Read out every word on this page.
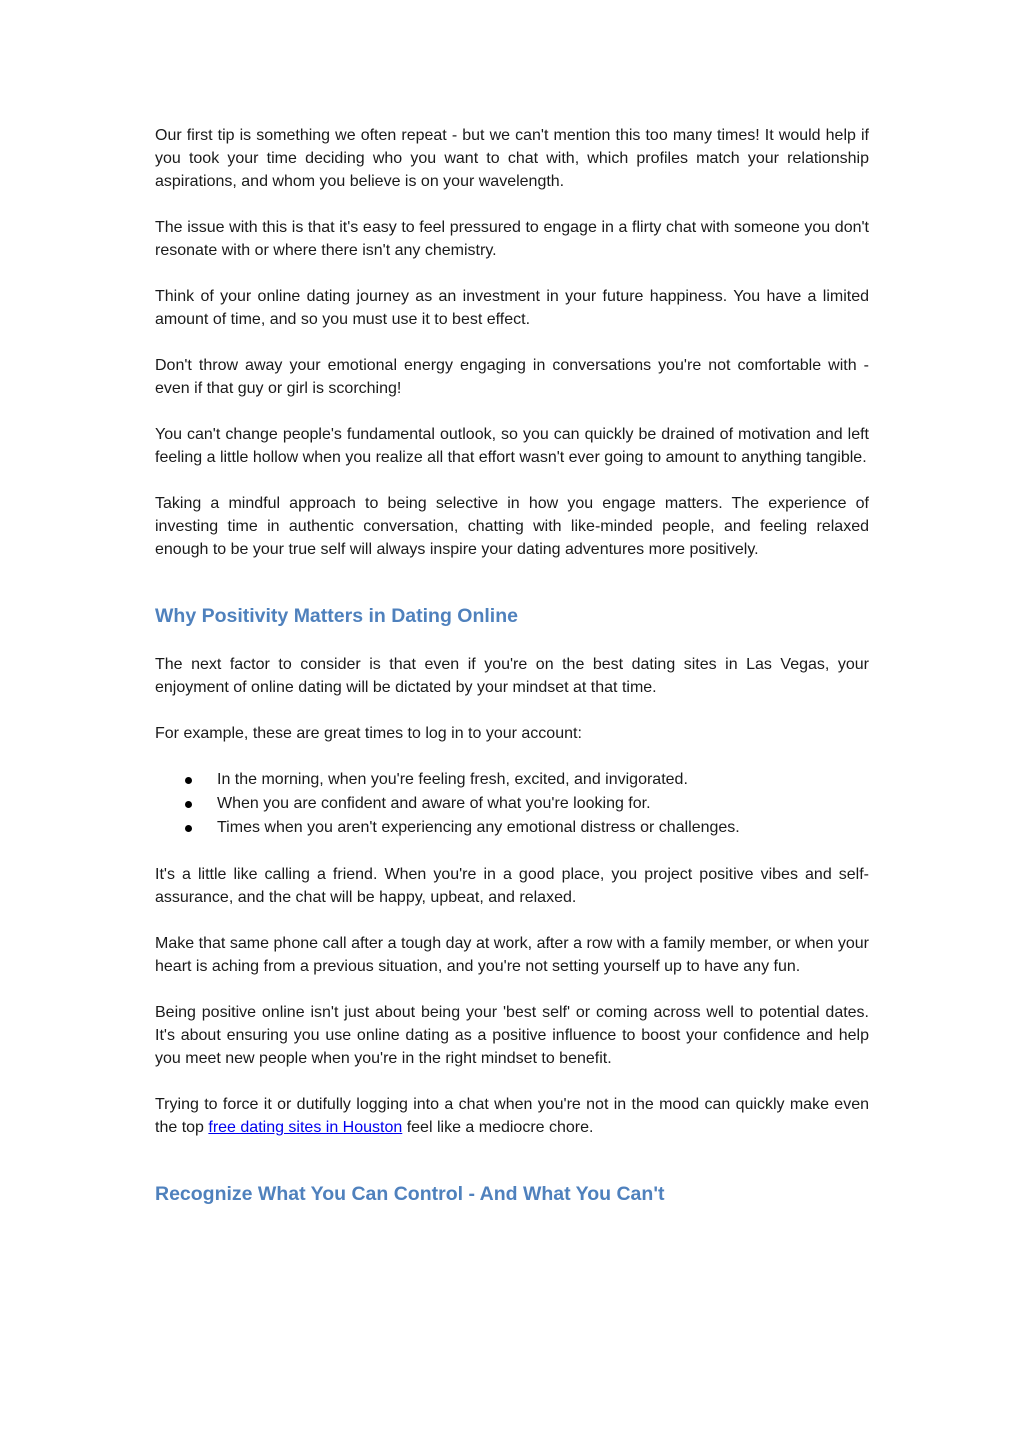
Our first tip is something we often repeat - but we can't mention this too many times! It would help if you took your time deciding who you want to chat with, which profiles match your relationship aspirations, and whom you believe is on your wavelength.

The issue with this is that it's easy to feel pressured to engage in a flirty chat with someone you don't resonate with or where there isn't any chemistry.

Think of your online dating journey as an investment in your future happiness. You have a limited amount of time, and so you must use it to best effect.

Don't throw away your emotional energy engaging in conversations you're not comfortable with - even if that guy or girl is scorching!

You can't change people's fundamental outlook, so you can quickly be drained of motivation and left feeling a little hollow when you realize all that effort wasn't ever going to amount to anything tangible.

Taking a mindful approach to being selective in how you engage matters. The experience of investing time in authentic conversation, chatting with like-minded people, and feeling relaxed enough to be your true self will always inspire your dating adventures more positively.

Why Positivity Matters in Dating Online

The next factor to consider is that even if you're on the best dating sites in Las Vegas, your enjoyment of online dating will be dictated by your mindset at that time.

For example, these are great times to log in to your account:

In the morning, when you're feeling fresh, excited, and invigorated.
When you are confident and aware of what you're looking for.
Times when you aren't experiencing any emotional distress or challenges.

It's a little like calling a friend. When you're in a good place, you project positive vibes and self-assurance, and the chat will be happy, upbeat, and relaxed.

Make that same phone call after a tough day at work, after a row with a family member, or when your heart is aching from a previous situation, and you're not setting yourself up to have any fun.

Being positive online isn't just about being your 'best self' or coming across well to potential dates. It's about ensuring you use online dating as a positive influence to boost your confidence and help you meet new people when you're in the right mindset to benefit.

Trying to force it or dutifully logging into a chat when you're not in the mood can quickly make even the top free dating sites in Houston feel like a mediocre chore.

Recognize What You Can Control - And What You Can't
